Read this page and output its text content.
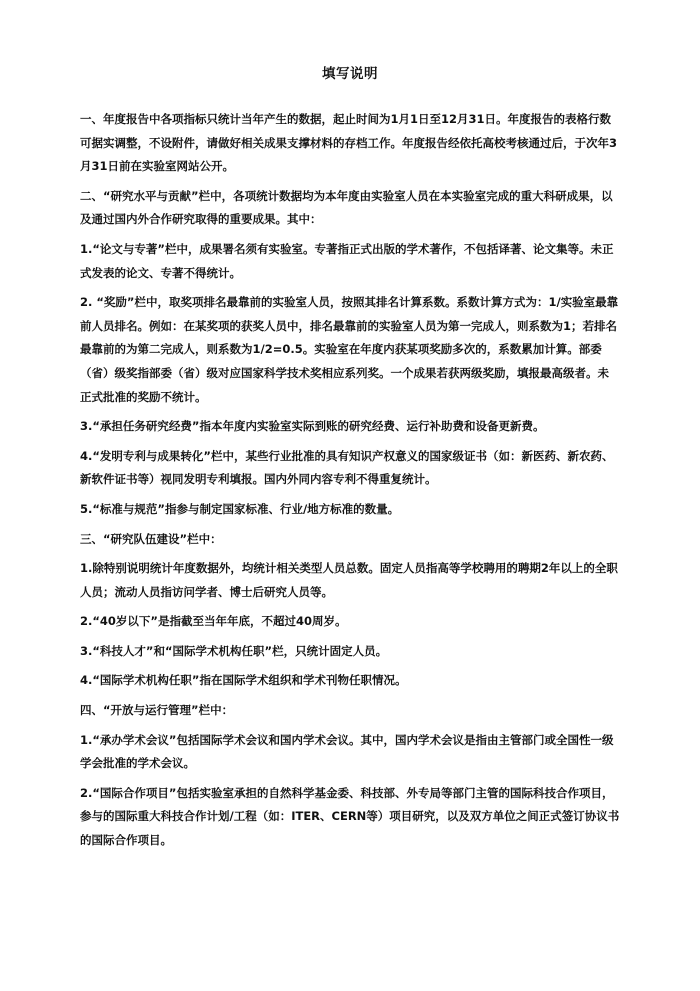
填写说明

一、年度报告中各项指标只统计当年产生的数据，起止时间为1月1日至12月31日。年度报告的表格行数可据实调整，不设附件，请做好相关成果支撑材料的存档工作。年度报告经依托高校考核通过后，于次年3月31日前在实验室网站公开。

二、“研究水平与贡献”栏中，各项统计数据均为本年度由实验室人员在本实验室完成的重大科研成果，以及通过国内外合作研究取得的重要成果。其中：

1.“论文与专著”栏中，成果署名须有实验室。专著指正式出版的学术著作，不包括译著、论文集等。未正式发表的论文、专著不得统计。

2. “奖励”栏中，取奖项排名最靠前的实验室人员，按照其排名计算系数。系数计算方式为：1/实验室最靠前人员排名。例如：在某奖项的获奖人员中，排名最靠前的实验室人员为第一完成人，则系数为1；若排名最靠前的为第二完成人，则系数为1/2=0.5。实验室在年度内获某项奖励多次的，系数累加计算。部委（省）级奖指部委（省）级对应国家科学技术奖相应系列奖。一个成果若获两级奖励，填报最高级者。未正式批准的奖励不统计。

3.“承担任务研究经费”指本年度内实验室实际到账的研究经费、运行补助费和设备更新费。

4.“发明专利与成果转化”栏中，某些行业批准的具有知识产权意义的国家级证书（如：新医药、新农药、新软件证书等）视同发明专利填报。国内外同内容专利不得重复统计。

5.“标准与规范”指参与制定国家标准、行业/地方标准的数量。

三、“研究队伍建设”栏中：

1.除特别说明统计年度数据外，均统计相关类型人员总数。固定人员指高等学校聘用的聘期2年以上的全职人员；流动人员指访问学者、博士后研究人员等。

2.“40岁以下”是指截至当年年底，不超过40周岁。

3.“科技人才”和“国际学术机构任职”栏，只统计固定人员。

4.“国际学术机构任职”指在国际学术组织和学术刊物任职情况。

四、“开放与运行管理”栏中：

1.“承办学术会议”包括国际学术会议和国内学术会议。其中，国内学术会议是指由主管部门或全国性一级学会批准的学术会议。

2.“国际合作项目”包括实验室承担的自然科学基金委、科技部、外专局等部门主管的国际科技合作项目，参与的国际重大科技合作计划/工程（如：ITER、CERN等）项目研究，以及双方单位之间正式签订协议书的国际合作项目。
